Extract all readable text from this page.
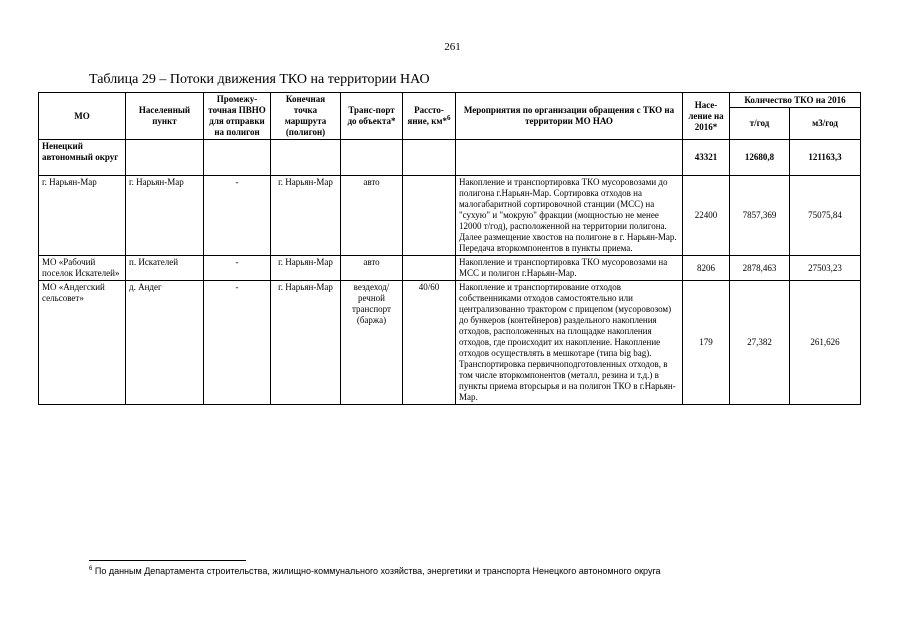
261
Таблица 29 – Потоки движения ТКО на территории НАО
МО	Населенный пункт	Промежу-точная ПВНО для отправки на полигон	Конечная точка маршрута (полигон)	Транс-порт до объекта*	Рассто-яние, км*$^6$	Мероприятия по организации обращения с ТКО на территории МО НАО	Насе-ление на 2016*	Количество ТКО на 2016	
								т/год	м3/год
Ненецкий автономный округ							43321	12680,8	121163,3
г. Нарьян-Мар	г. Нарьян-Мар	-	г. Нарьян-Мар	авто		Накопление и транспортировка ТКО мусоровозами до полигона г.Нарьян-Мар. Сортировка отходов на малогабаритной сортировочной станции (МСС) на "сухую" и "мокрую" фракции (мощностью не менее 12000 т/год), расположенной на территории полигона. Далее размещение хвостов на полигоне в г. Нарьян-Мар. Передача вторкомпонентов в пункты приема.	22400	7857,369	75075,84
МО «Рабочий поселок Искателей»	п. Искателей	-	г. Нарьян-Мар	авто		Накопление и транспортировка ТКО мусоровозами на МСС и полигон г.Нарьян-Мар.	8206	2878,463	27503,23
МО «Андегский сельсовет»	д. Андег	-	г. Нарьян-Мар	вездеход/ речной транспорт (баржа)	40/60	Накопление и транспортирование отходов собственниками отходов самостоятельно или централизованно трактором с прицепом (мусоровозом) до бункеров (контейнеров) раздельного накопления отходов, расположенных на площадке накопления отходов, где происходит их накопление. Накопление отходов осуществлять в мешкотаре (типа big bag). Транспортировка первичноподготовленных отходов, в том числе вторкомпонентов (металл, резина и т.д.) в пункты приема вторсырья и на полигон ТКО в г.Нарьян-Мар.	179	27,382	261,626
$^6$ По данным Департамента строительства, жилищно-коммунального хозяйства, энергетики и транспорта Ненецкого автономного округа
